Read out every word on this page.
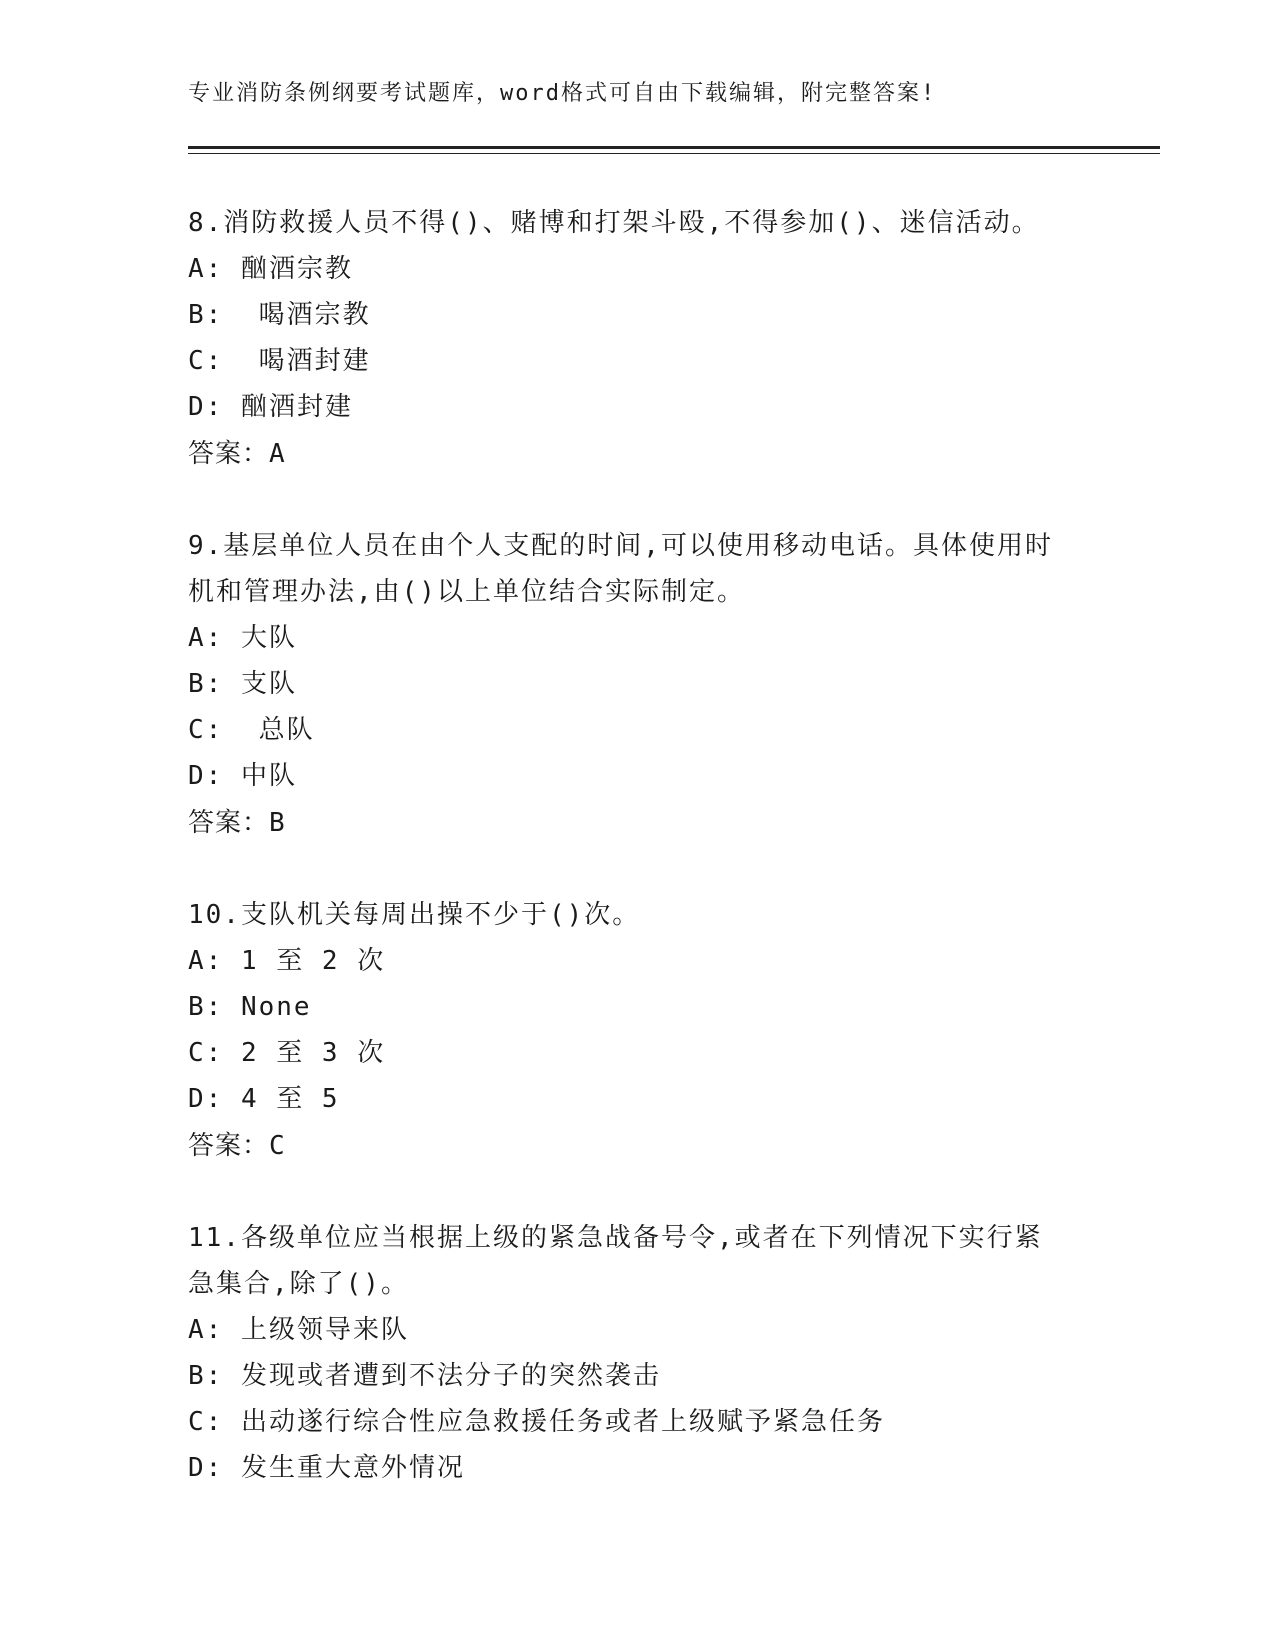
专业消防条例纲要考试题库，word格式可自由下载编辑，附完整答案!

8.消防救援人员不得()、赌博和打架斗殴,不得参加()、迷信活动。

A: 酗酒宗教

B:  喝酒宗教

C:  喝酒封建

D: 酗酒封建

答案：A

9.基层单位人员在由个人支配的时间,可以使用移动电话。具体使用时

机和管理办法,由()以上单位结合实际制定。

A: 大队

B: 支队

C:  总队

D: 中队

答案：B

10.支队机关每周出操不少于()次。

A: 1 至 2 次

B: None

C: 2 至 3 次

D: 4 至 5

答案：C

11.各级单位应当根据上级的紧急战备号令,或者在下列情况下实行紧

急集合,除了()。

A: 上级领导来队

B: 发现或者遭到不法分子的突然袭击

C: 出动遂行综合性应急救援任务或者上级赋予紧急任务

D: 发生重大意外情况
